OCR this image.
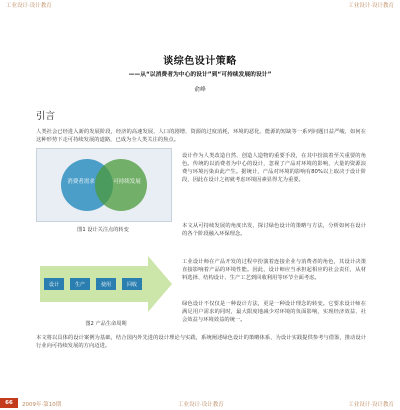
工业设计·设计教育	工业设计·设计教育
谈综色设计策略
——从“以消费者为中心的设计”到“可持续发展的设计”
俞峰
引言
人类社会已经进入新的发展阶段，经济的高速发展、人口的剧增、资源的过度消耗，环境的恶化、能源的短缺等一系列问题日益严峻，如何在这种形势下走可持续发展的道路，已成为全人类关注的焦点。
消费者需求	可持续发展
图1 设计关注点的转变
设计作为人类改造自然、创造人造物的重要手段，在其中扮演着至关重要的角色。传统的以消费者为中心的设计，忽视了产品对环境的影响，大量的资源浪费与环境污染由此产生。据统计，产品对环境的影响有80%以上取决于设计阶段，因此在设计之初就考虑环境因素显得尤为重要。
本文从可持续发展的角度出发，探讨绿色设计的策略与方法，分析如何在设计的各个阶段融入环保理念。
设计	生产	使用	回收
图2 产品生命周期
工业设计师在产品开发的过程中扮演着连接企业与消费者的角色，其设计决策直接影响着产品的环境性能。因此，设计师应当承担起相应的社会责任，从材料选择、结构设计、生产工艺到回收利用等环节全面考虑。
绿色设计不仅仅是一种设计方法，更是一种设计理念的转变。它要求设计师在满足用户需求的同时，最大限度地减少对环境的负面影响，实现经济效益、社会效益与环境效益的统一。
本文将以具体的设计案例为基础，结合国内外先进的设计理论与实践，系统阐述绿色设计的策略体系，为设计实践提供参考与借鉴，推动设计行业向可持续发展的方向迈进。
66	2009年·第10期	工业设计·设计教育	工业设计·设计教育
